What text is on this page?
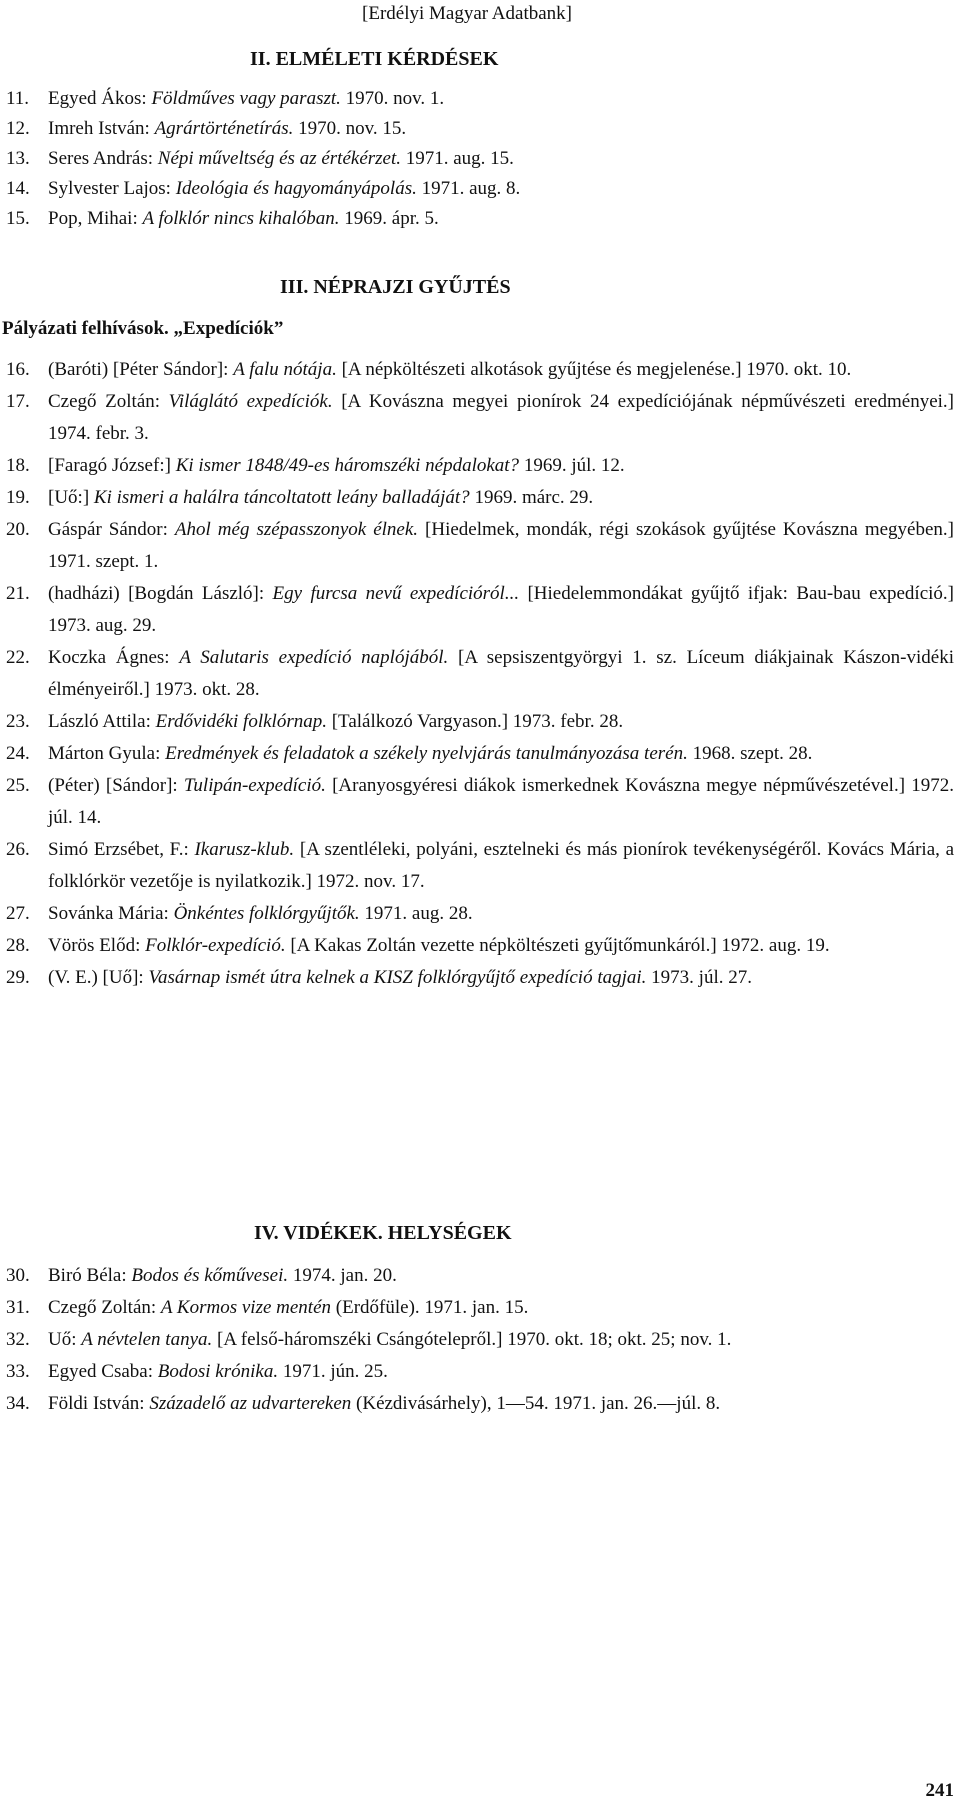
[Erdélyi Magyar Adatbank]
II. ELMÉLETI KÉRDÉSEK
11. Egyed Ákos: Földműves vagy paraszt. 1970. nov. 1.
12. Imreh István: Agrártörténetírás. 1970. nov. 15.
13. Seres András: Népi műveltség és az értékérzet. 1971. aug. 15.
14. Sylvester Lajos: Ideológia és hagyományápolás. 1971. aug. 8.
15. Pop, Mihai: A folklór nincs kihalóban. 1969. ápr. 5.
III. NÉPRAJZI GYŰJTÉS
Pályázati felhívások. „Expedíciók”
16. (Baróti) [Péter Sándor]: A falu nótája. [A népköltészeti alkotások gyűjtése és megjelenése.] 1970. okt. 10.
17. Czegő Zoltán: Világlátó expedíciók. [A Kovászna megyei pionírok 24 expedíciójának népművészeti eredményei.] 1974. febr. 3.
18. [Faragó József:] Ki ismer 1848/49-es háromszéki népdalokat? 1969. júl. 12.
19. [Uő:] Ki ismeri a halálra táncoltatott leány balladáját? 1969. márc. 29.
20. Gáspár Sándor: Ahol még szépasszonyok élnek. [Hiedelmek, mondák, régi szokások gyűjtése Kovászna megyében.] 1971. szept. 1.
21. (hadházi) [Bogdán László]: Egy furcsa nevű expedícióról... [Hiedelemmondákat gyűjtő ifjak: Bau-bau expedíció.] 1973. aug. 29.
22. Koczka Ágnes: A Salutaris expedíció naplójából. [A sepsiszentgyörgyi 1. sz. Líceum diákjainak Kászon-vidéki élményeiről.] 1973. okt. 28.
23. László Attila: Erdővidéki folklórnap. [Találkozó Vargyason.] 1973. febr. 28.
24. Márton Gyula: Eredmények és feladatok a székely nyelvjárás tanulmányozása terén. 1968. szept. 28.
25. (Péter) [Sándor]: Tulipán-expedíció. [Aranyosgyéresi diákok ismerkednek Kovászna megye népművészetével.] 1972. júl. 14.
26. Simó Erzsébet, F.: Ikarusz-klub. [A szentléleki, polyáni, esztelneki és más pionírok tevékenységéről. Kovács Mária, a folklórkör vezetője is nyilatkozik.] 1972. nov. 17.
27. Sovánka Mária: Önkéntes folklórgyűjtők. 1971. aug. 28.
28. Vörös Előd: Folklór-expedíció. [A Kakas Zoltán vezette népköltészeti gyűjtőmunkáról.] 1972. aug. 19.
29. (V. E.) [Uő]: Vasárnap ismét útra kelnek a KISZ folklórgyűjtő expedíció tagjai. 1973. júl. 27.
IV. VIDÉKEK. HELYSÉGEK
30. Biró Béla: Bodos és kőművesei. 1974. jan. 20.
31. Czegő Zoltán: A Kormos vize mentén (Erdőfüle). 1971. jan. 15.
32. Uő: A névtelen tanya. [A felső-háromszéki Csángótelepről.] 1970. okt. 18; okt. 25; nov. 1.
33. Egyed Csaba: Bodosi krónika. 1971. jún. 25.
34. Földi István: Századelő az udvartereken (Kézdivásárhely), 1—54. 1971. jan. 26.—júl. 8.
241
